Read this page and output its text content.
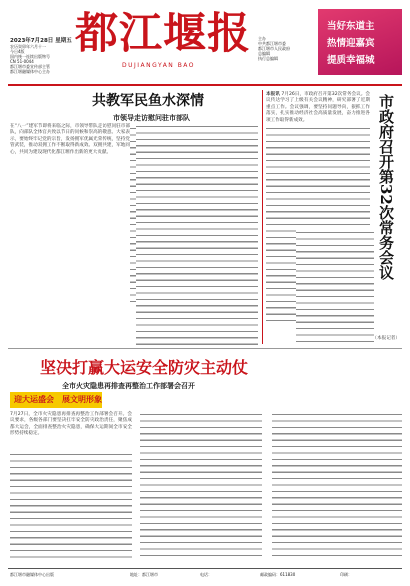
2023年7月28日 星期五
农历癸卯年六月十一
今日4版
国内统一连续出版物号
CN 51-0044
都江堰市委宣传部主管
都江堰融媒体中心主办
都江堰报
DUJIANGYAN BAO
主办
中共都江堰市委
都江堰市人民政府
总编辑
执行总编辑
当好东道主
热情迎嘉宾
提质幸福城
共教军民鱼水深情
市领导走访慰问驻市部队
在“八一”建军节即将来临之际，市领导带队走访慰问驻市部队，向部队全体官兵致以节日的问候和崇高的敬意。大家表示，要始终牢记党的宗旨，发扬拥军优属光荣传统，坚持党管武装，推动双拥工作不断取得新成效。双拥共建，军地同心，共同为建设现代化都江堰作出新的更大贡献。	市政府召开第32次常务会议
本报讯 7月26日，市政府召开第32次常务会议。会议传达学习了上级有关会议精神，研究部署了近期重点工作。会议强调，要坚持问题导向，狠抓工作落实，扎实推动经济社会高质量发展，奋力推进各项工作取得新成效。
（本报记者）
坚决打赢大运安全防灾主动仗
全市火灾隐患再排查再整治工作部署会召开
迎大运盛会　展文明形象
7月27日，全市火灾隐患再排查再整治工作部署会召开。会议要求，各级各部门要坚决扛牢安全防灾政治责任，聚焦成都大运会，全面排查整治火灾隐患，确保大运期间全市安全形势持续稳定。
都江堰市融媒体中心出版	地址：都江堰市	电话：	邮政编码：611830	印刷：
